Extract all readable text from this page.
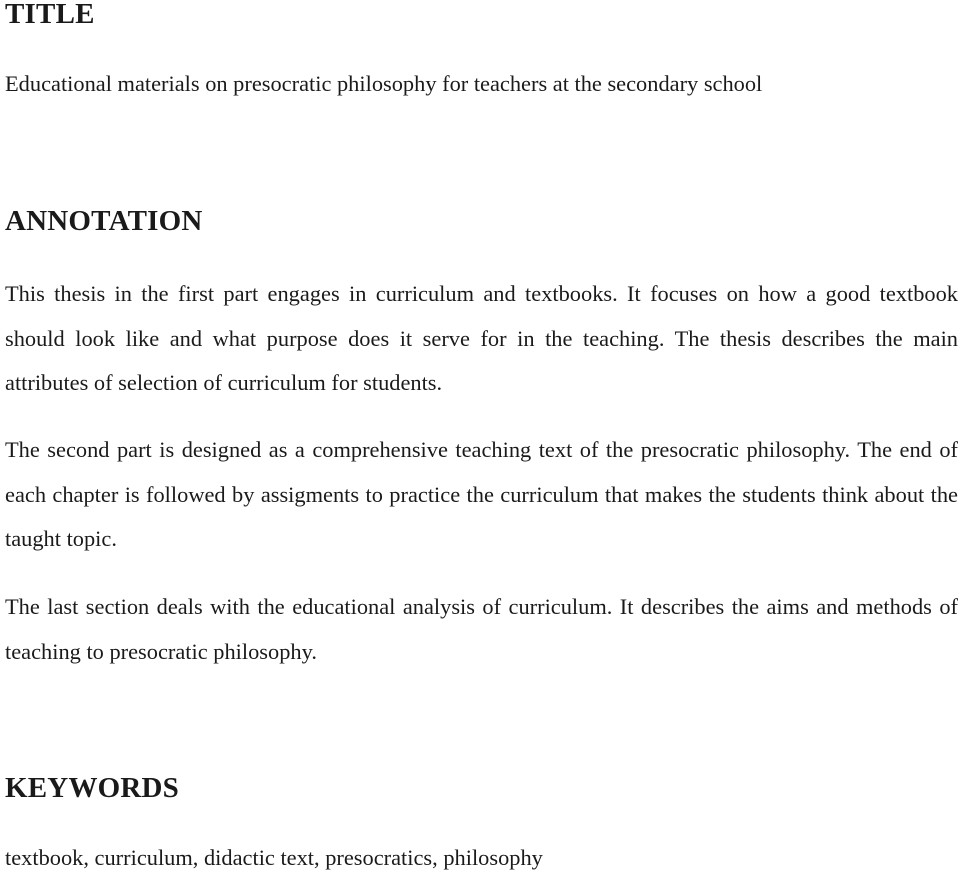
TITLE

Educational materials on presocratic philosophy for teachers at the secondary school

ANNOTATION

This thesis in the first part engages in curriculum and textbooks. It focuses on how a good textbook should look like and what purpose does it serve for in the teaching. The thesis describes the main attributes of selection of curriculum for students.

The second part is designed as a comprehensive teaching text of the presocratic philosophy. The end of each chapter is followed by assigments to practice the curriculum that makes the students think about the taught topic.

The last section deals with the educational analysis of curriculum. It describes the aims and methods of teaching to presocratic philosophy.

KEYWORDS

textbook, curriculum, didactic text, presocratics, philosophy
